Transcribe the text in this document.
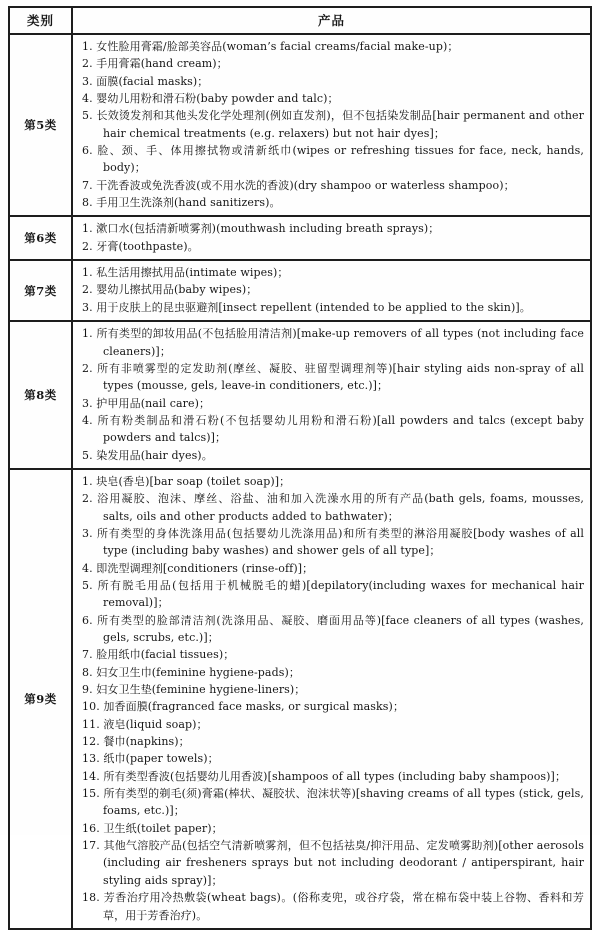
类别	产品
第5类	
1. 女性脸用膏霜/脸部美容品(woman’s facial creams/facial make-up)；
2. 手用膏霜(hand cream)；
3. 面膜(facial masks)；
4. 婴幼儿用粉和滑石粉(baby powder and talc)；
5. 长效烫发剂和其他头发化学处理剂(例如直发剂)，但不包括染发制品[hair permanent and other hair chemical treatments (e.g. relaxers) but not hair dyes]；
6. 脸、颈、手、体用擦拭物或清新纸巾(wipes or refreshing tissues for face, neck, hands, body)；
7. 干洗香波或免洗香波(或不用水洗的香波)(dry shampoo or waterless shampoo)；
8. 手用卫生洗涤剂(hand sanitizers)。

第6类	1. 漱口水(包括清新喷雾剂)(mouthwash including breath sprays)；
2. 牙膏(toothpaste)。

第7类	1. 私生活用擦拭用品(intimate wipes)；
2. 婴幼儿擦拭用品(baby wipes)；
3. 用于皮肤上的昆虫驱避剂[insect repellent (intended to be applied to the skin)]。

第8类	1. 所有类型的卸妆用品(不包括脸用清洁剂)[make-up removers of all types (not including face cleaners)]；
2. 所有非喷雾型的定发助剂(摩丝、凝胶、驻留型调理剂等)[hair styling aids non-spray of all types (mousse, gels, leave-in conditioners, etc.)]；
3. 护甲用品(nail care)；
4. 所有粉类制品和滑石粉(不包括婴幼儿用粉和滑石粉)[all powders and talcs (except baby powders and talcs)]；
5. 染发用品(hair dyes)。

第9类	
1. 块皂(香皂)[bar soap (toilet soap)]；
2. 浴用凝胶、泡沫、摩丝、浴盐、油和加入洗澡水用的所有产品(bath gels, foams, mousses, salts, oils and other products added to bathwater)；
3. 所有类型的身体洗涤用品(包括婴幼儿洗涤用品)和所有类型的淋浴用凝胶[body washes of all type (including baby washes) and shower gels of all type]；
4. 即洗型调理剂[conditioners (rinse-off)]；
5. 所有脱毛用品(包括用于机械脱毛的蜡)[depilatory(including waxes for mechanical hair removal)]；
6. 所有类型的脸部清洁剂(洗涤用品、凝胶、磨面用品等)[face cleaners of all types (washes, gels, scrubs, etc.)]；
7. 脸用纸巾(facial tissues)；
8. 妇女卫生巾(feminine hygiene-pads)；
9. 妇女卫生垫(feminine hygiene-liners)；
10. 加香面膜(fragranced face masks, or surgical masks)；
11. 液皂(liquid soap)；
12. 餐巾(napkins)；
13. 纸巾(paper towels)；
14. 所有类型香波(包括婴幼儿用香波)[shampoos of all types (including baby shampoos)]；
15. 所有类型的剃毛(须)膏霜(棒状、凝胶状、泡沫状等)[shaving creams of all types (stick, gels, foams, etc.)]；
16. 卫生纸(toilet paper)；
17. 其他气溶胶产品(包括空气清新喷雾剂，但不包括祛臭/抑汗用品、定发喷雾助剂)[other aerosols (including air fresheners sprays but not including deodorant / antiperspirant, hair styling aids spray)]；
18. 芳香治疗用冷热敷袋(wheat bags)。(俗称麦兜，或谷疗袋，常在棉布袋中装上谷物、香料和芳草，用于芳香治疗)。
